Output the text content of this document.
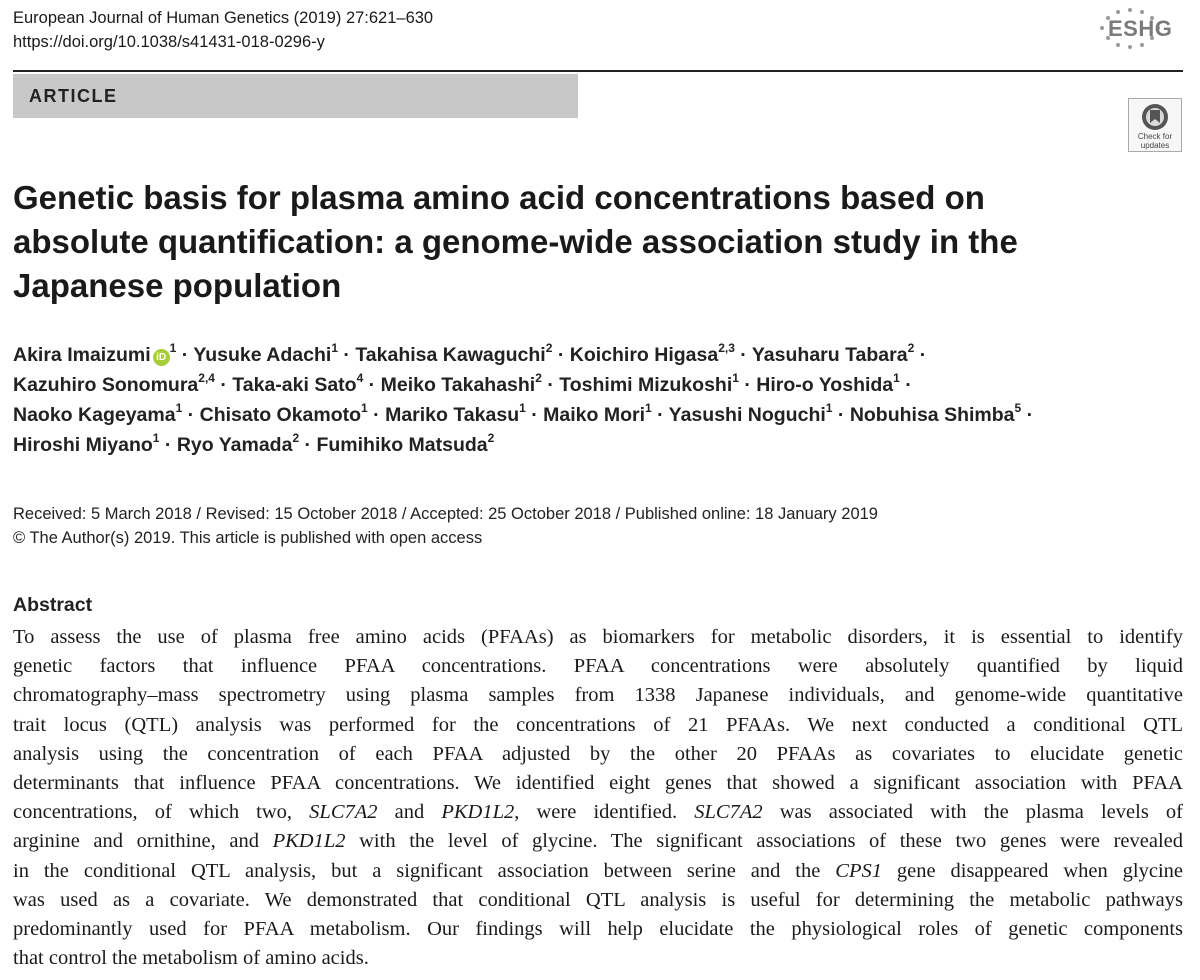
European Journal of Human Genetics (2019) 27:621–630
https://doi.org/10.1038/s41431-018-0296-y
ESHG
ARTICLE
Check for
updates
Genetic basis for plasma amino acid concentrations based on
absolute quantification: a genome-wide association study in the
Japanese population
Akira Imaizumi $iD^1$ · Yusuke Adachi$^1$ · Takahisa Kawaguchi$^2$ · Koichiro Higasa$^{2,3}$ · Yasuharu Tabara$^2$ ·
Kazuhiro Sonomura$^{2,4}$ · Taka-aki Sato$^4$ · Meiko Takahashi$^2$ · Toshimi Mizukoshi$^1$ · Hiro-o Yoshida$^1$ ·
Naoko Kageyama$^1$ · Chisato Okamoto$^1$ · Mariko Takasu$^1$ · Maiko Mori$^1$ · Yasushi Noguchi$^1$ · Nobuhisa Shimba$^5$ ·
Hiroshi Miyano$^1$ · Ryo Yamada$^2$ · Fumihiko Matsuda$^2$
Received: 5 March 2018 / Revised: 15 October 2018 / Accepted: 25 October 2018 / Published online: 18 January 2019
© The Author(s) 2019. This article is published with open access
Abstract
To assess the use of plasma free amino acids (PFAAs) as biomarkers for metabolic disorders, it is essential to identify
genetic factors that influence PFAA concentrations. PFAA concentrations were absolutely quantified by liquid
chromatography–mass spectrometry using plasma samples from 1338 Japanese individuals, and genome-wide quantitative
trait locus (QTL) analysis was performed for the concentrations of 21 PFAAs. We next conducted a conditional QTL
analysis using the concentration of each PFAA adjusted by the other 20 PFAAs as covariates to elucidate genetic
determinants that influence PFAA concentrations. We identified eight genes that showed a significant association with PFAA
concentrations, of which two, SLC7A2 and PKD1L2, were identified. SLC7A2 was associated with the plasma levels of
arginine and ornithine, and PKD1L2 with the level of glycine. The significant associations of these two genes were revealed
in the conditional QTL analysis, but a significant association between serine and the CPS1 gene disappeared when glycine
was used as a covariate. We demonstrated that conditional QTL analysis is useful for determining the metabolic pathways
predominantly used for PFAA metabolism. Our findings will help elucidate the physiological roles of genetic components
that control the metabolism of amino acids.
